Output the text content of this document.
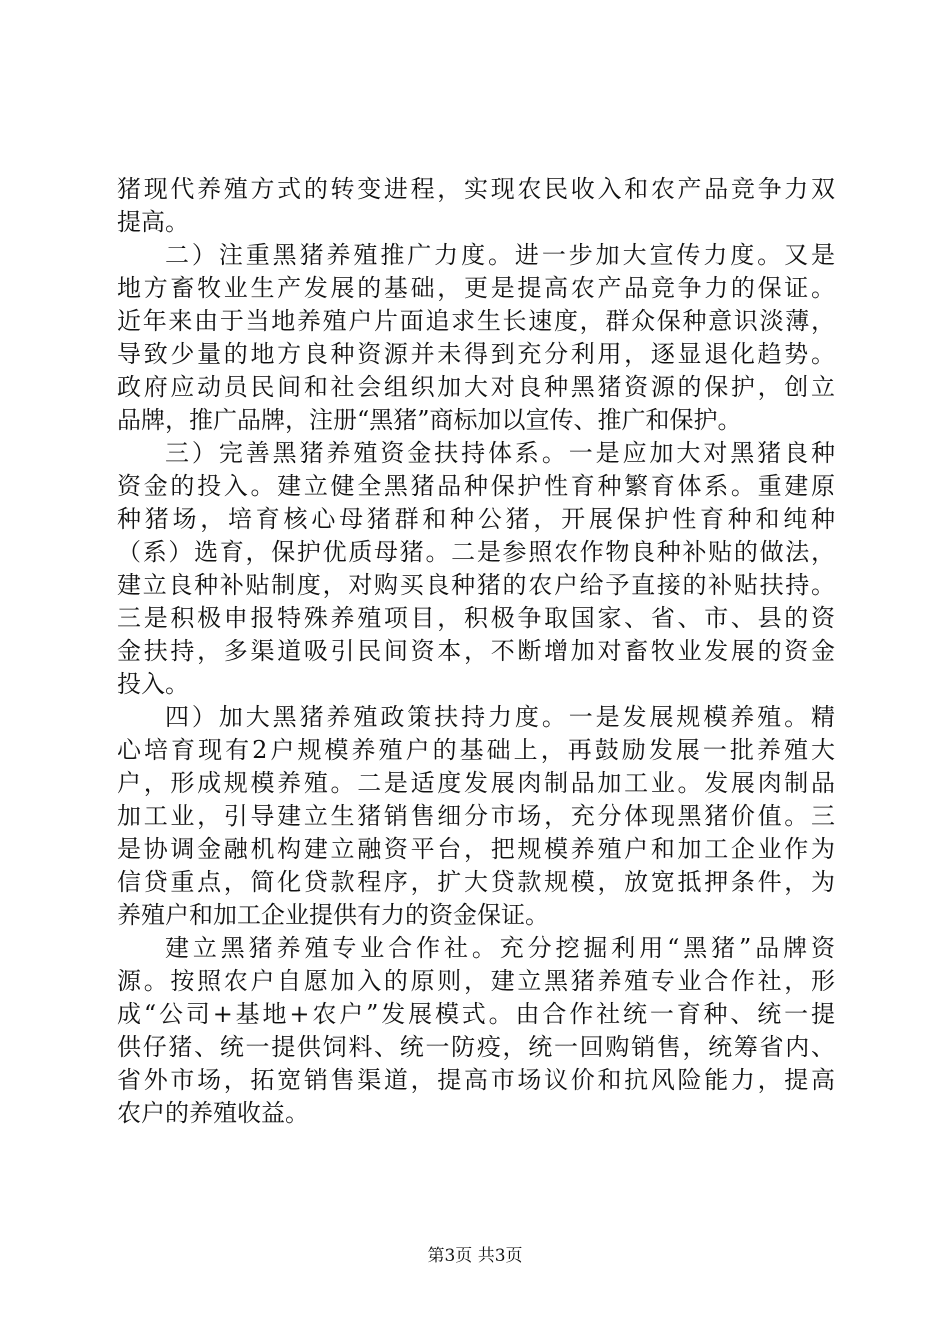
猪现代养殖方式的转变进程，实现农民收入和农产品竞争力双
提高。
二）注重黑猪养殖推广力度。进一步加大宣传力度。又是
地方畜牧业生产发展的基础，更是提高农产品竞争力的保证。
近年来由于当地养殖户片面追求生长速度，群众保种意识淡薄，
导致少量的地方良种资源并未得到充分利用，逐显退化趋势。
政府应动员民间和社会组织加大对良种黑猪资源的保护，创立
品牌，推广品牌，注册“黑猪”商标加以宣传、推广和保护。
三）完善黑猪养殖资金扶持体系。一是应加大对黑猪良种
资金的投入。建立健全黑猪品种保护性育种繁育体系。重建原
种猪场，培育核心母猪群和种公猪，开展保护性育种和纯种
（系）选育，保护优质母猪。二是参照农作物良种补贴的做法，
建立良种补贴制度，对购买良种猪的农户给予直接的补贴扶持。
三是积极申报特殊养殖项目，积极争取国家、省、市、县的资
金扶持，多渠道吸引民间资本，不断增加对畜牧业发展的资金
投入。
四）加大黑猪养殖政策扶持力度。一是发展规模养殖。精
心培育现有2户规模养殖户的基础上，再鼓励发展一批养殖大
户，形成规模养殖。二是适度发展肉制品加工业。发展肉制品
加工业，引导建立生猪销售细分市场，充分体现黑猪价值。三
是协调金融机构建立融资平台，把规模养殖户和加工企业作为
信贷重点，简化贷款程序，扩大贷款规模，放宽抵押条件，为
养殖户和加工企业提供有力的资金保证。
建立黑猪养殖专业合作社。充分挖掘利用“黑猪”品牌资
源。按照农户自愿加入的原则，建立黑猪养殖专业合作社，形
成“公司+基地+农户”发展模式。由合作社统一育种、统一提
供仔猪、统一提供饲料、统一防疫，统一回购销售，统筹省内、
省外市场，拓宽销售渠道，提高市场议价和抗风险能力，提高
农户的养殖收益。
第3页 共3页
